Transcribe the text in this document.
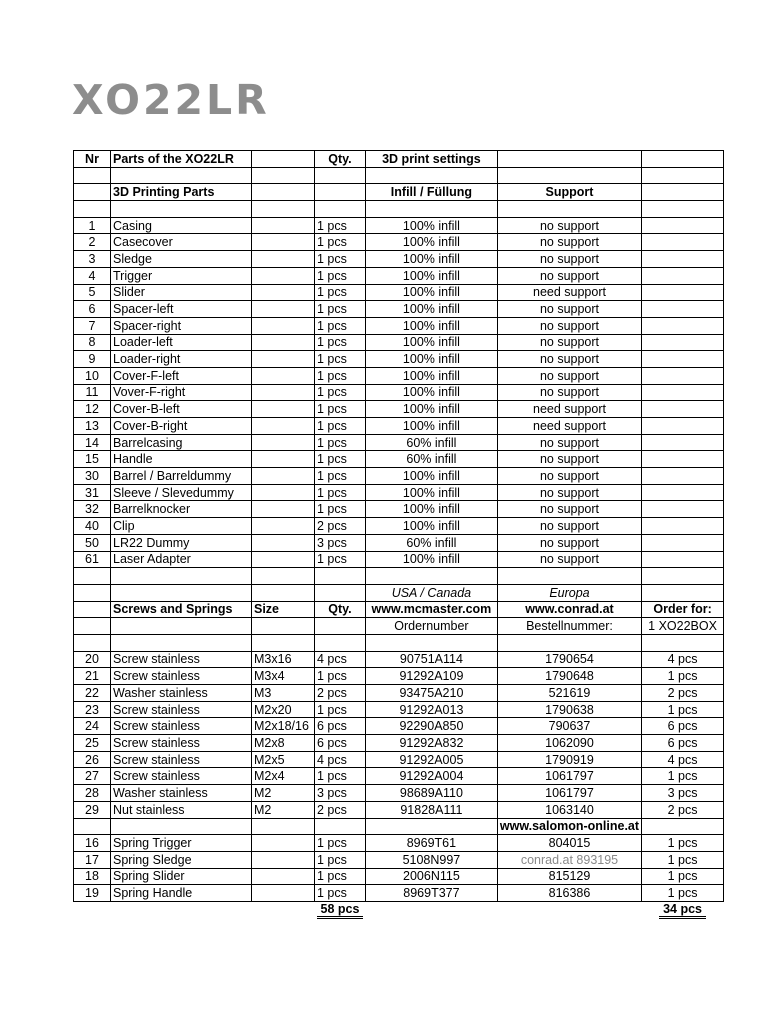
XO22LR
Nr	Parts of the XO22LR		Qty.	3D print settings		

	3D Printing Parts			Infill / Füllung	Support	

1	Casing		1 pcs	100% infill	no support	
2	Casecover		1 pcs	100% infill	no support	
3	Sledge		1 pcs	100% infill	no support	
4	Trigger		1 pcs	100% infill	no support	
5	Slider		1 pcs	100% infill	need support	
6	Spacer-left		1 pcs	100% infill	no support	
7	Spacer-right		1 pcs	100% infill	no support	
8	Loader-left		1 pcs	100% infill	no support	
9	Loader-right		1 pcs	100% infill	no support	
10	Cover-F-left		1 pcs	100% infill	no support	
11	Vover-F-right		1 pcs	100% infill	no support	
12	Cover-B-left		1 pcs	100% infill	need support	
13	Cover-B-right		1 pcs	100% infill	need support	
14	Barrelcasing		1 pcs	60% infill	no support	
15	Handle		1 pcs	60% infill	no support	
30	Barrel / Barreldummy		1 pcs	100% infill	no support	
31	Sleeve / Slevedummy		1 pcs	100% infill	no support	
32	Barrelknocker		1 pcs	100% infill	no support	
40	Clip		2 pcs	100% infill	no support	
50	LR22 Dummy		3 pcs	60% infill	no support	
61	Laser Adapter		1 pcs	100% infill	no support	

				USA / Canada	Europa	
	Screws and Springs	Size	Qty.	www.mcmaster.com	www.conrad.at	Order for:
				Ordernumber	Bestellnummer:	1 XO22BOX

20	Screw stainless	M3x16	4 pcs	90751A114	1790654	4 pcs
21	Screw stainless	M3x4	1 pcs	91292A109	1790648	1 pcs
22	Washer stainless	M3	2 pcs	93475A210	521619	2 pcs
23	Screw stainless	M2x20	1 pcs	91292A013	1790638	1 pcs
24	Screw stainless	M2x18/16	6 pcs	92290A850	790637	6 pcs
25	Screw stainless	M2x8	6 pcs	91292A832	1062090	6 pcs
26	Screw stainless	M2x5	4 pcs	91292A005	1790919	4 pcs
27	Screw stainless	M2x4	1 pcs	91292A004	1061797	1 pcs
28	Washer stainless	M2	3 pcs	98689A110	1061797	3 pcs
29	Nut stainless	M2	2 pcs	91828A111	1063140	2 pcs
					www.salomon-online.at	
16	Spring Trigger		1 pcs	8969T61	804015	1 pcs
17	Spring Sledge		1 pcs	5108N997	conrad.at 893195	1 pcs
18	Spring Slider		1 pcs	2006N115	815129	1 pcs
19	Spring Handle		1 pcs	8969T377	816386	1 pcs
			58 pcs			34 pcs
